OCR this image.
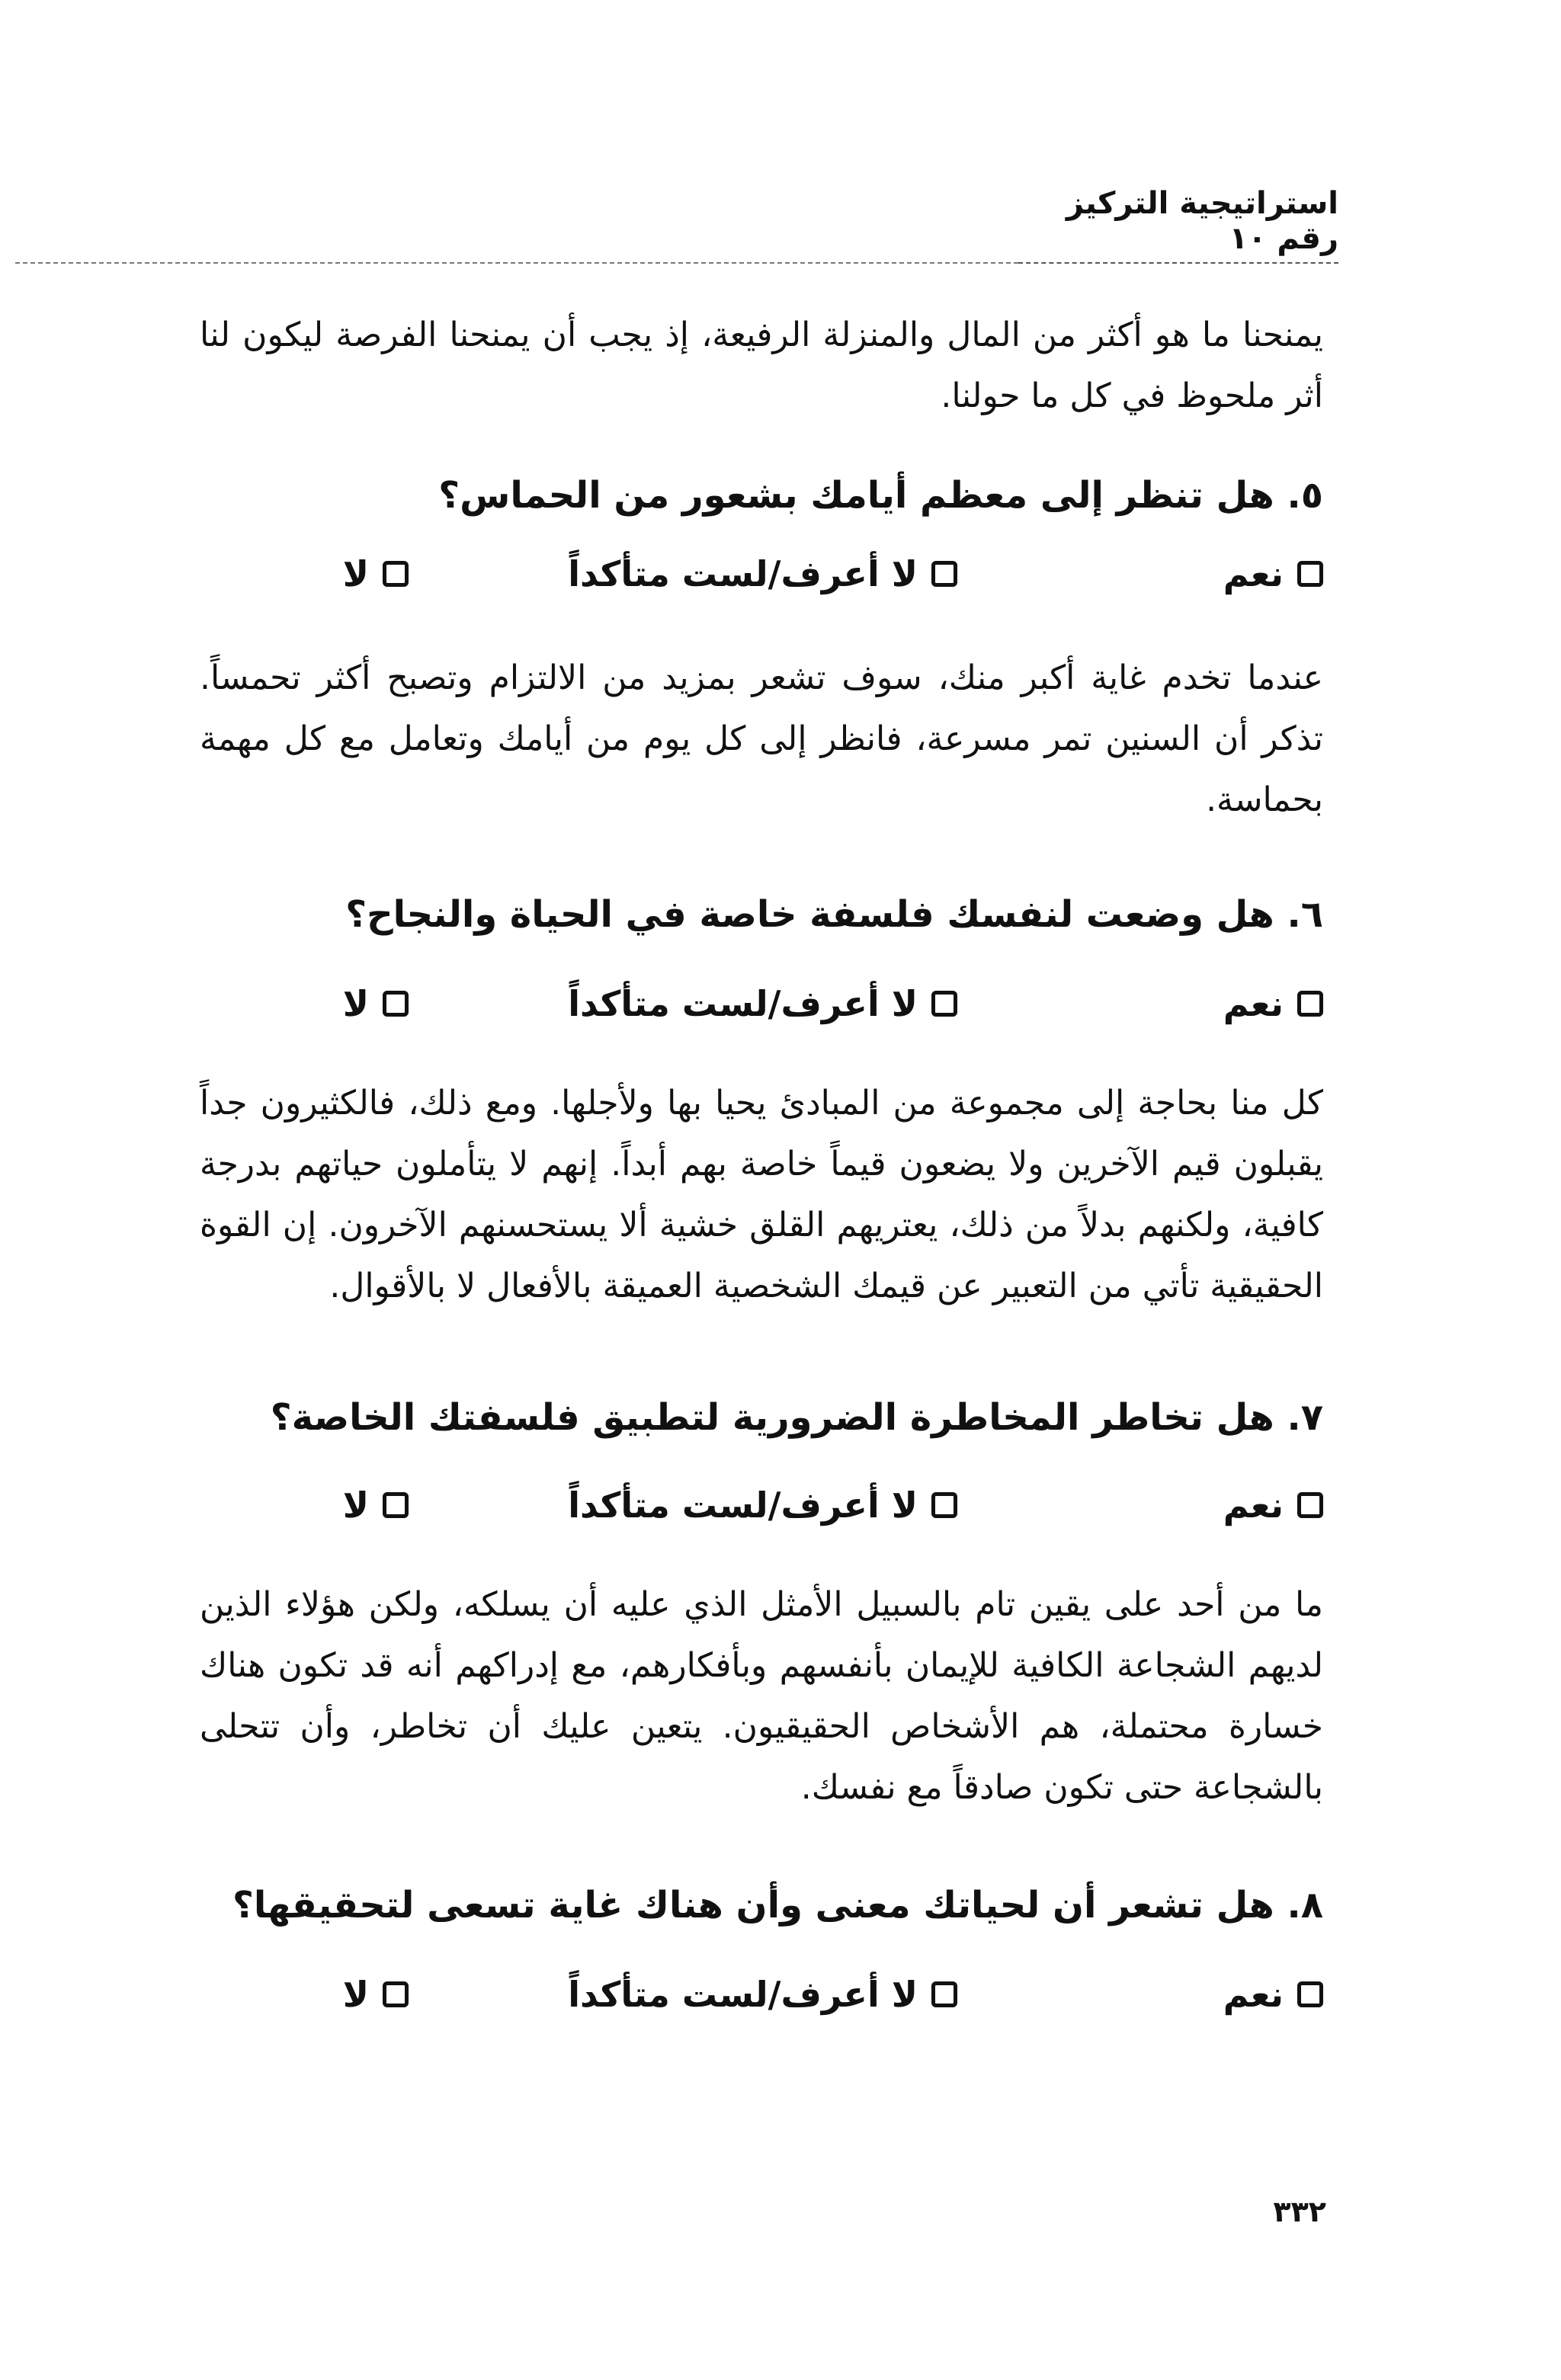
استراتيجية التركيز رقم ١٠
يمنحنا ما هو أكثر من المال والمنزلة الرفيعة، إذ يجب أن يمنحنا الفرصة ليكون لنا أثر ملحوظ في كل ما حولنا.
٥. هل تنظر إلى معظم أيامك بشعور من الحماس؟
نعم
لا أعرف/لست متأكداً
لا
عندما تخدم غاية أكبر منك، سوف تشعر بمزيد من الالتزام وتصبح أكثر تحمساً. تذكر أن السنين تمر مسرعة، فانظر إلى كل يوم من أيامك وتعامل مع كل مهمة بحماسة.
٦. هل وضعت لنفسك فلسفة خاصة في الحياة والنجاح؟
نعم
لا أعرف/لست متأكداً
لا
كل منا بحاجة إلى مجموعة من المبادئ يحيا بها ولأجلها. ومع ذلك، فالكثيرون جداً يقبلون قيم الآخرين ولا يضعون قيماً خاصة بهم أبداً. إنهم لا يتأملون حياتهم بدرجة كافية، ولكنهم بدلاً من ذلك، يعتريهم القلق خشية ألا يستحسنهم الآخرون. إن القوة الحقيقية تأتي من التعبير عن قيمك الشخصية العميقة بالأفعال لا بالأقوال.
٧. هل تخاطر المخاطرة الضرورية لتطبيق فلسفتك الخاصة؟
نعم
لا أعرف/لست متأكداً
لا
ما من أحد على يقين تام بالسبيل الأمثل الذي عليه أن يسلكه، ولكن هؤلاء الذين لديهم الشجاعة الكافية للإيمان بأنفسهم وبأفكارهم، مع إدراكهم أنه قد تكون هناك خسارة محتملة، هم الأشخاص الحقيقيون. يتعين عليك أن تخاطر، وأن تتحلى بالشجاعة حتى تكون صادقاً مع نفسك.
٨. هل تشعر أن لحياتك معنى وأن هناك غاية تسعى لتحقيقها؟
نعم
لا أعرف/لست متأكداً
لا
٣٣٢
